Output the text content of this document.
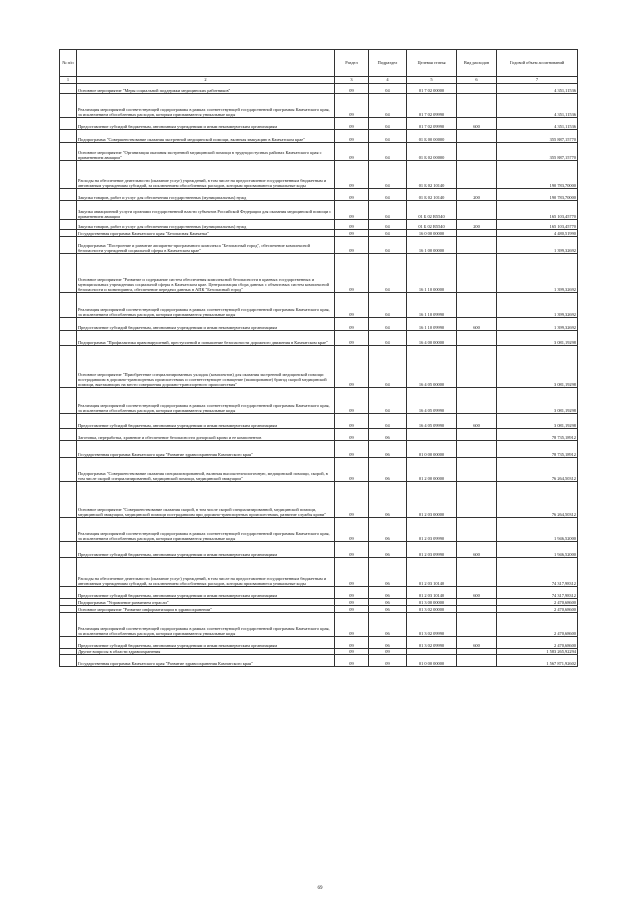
№ п/п		Раздел	Подраздел	Целевая статья	Вид расходов	Годовой объем ассигнований
1	2	3	4	5	6	7
	Основное мероприятие "Меры социальной поддержки медицинских работников"	09	04	01 7 02 00000		4 351,11536
	Реализация мероприятий соответствующей подпрограммы в рамках соответствующей государственной программы Камчатского края, за исключением обособленных расходов, которым присваиваются уникальные коды	09	04	01 7 02 09990		4 351,11536
	Предоставление субсидий бюджетным, автономным учреждениям и иным некоммерческим организациям	09	04	01 7 02 09990	600	4 351,11536
	Подпрограмма "Совершенствование оказания экстренной медицинской помощи, включая эвакуацию в Камчатском крае"	09	04	01 Б 00 00000		355 887,15770
	Основное мероприятие "Организация оказания экстренной медицинской помощи в труднодоступных районах Камчатского края с применением авиации"	09	04	01 Б 02 00000		355 887,15770
	Расходы на обеспечение деятельности (оказание услуг) учреждений, в том числе на предоставление государственным бюджетным и автономным учреждениям субсидий, за исключением обособленных расходов, которым присваиваются уникальные коды	09	04	01 Б 02 10140		190 783,70000
	Закупка товаров, работ и услуг для обеспечения государственных (муниципальных) нужд	09	04	01 Б 02 10140	200	190 783,70000
	Закупка авиационной услуги органами государственной власти субъектов Российской Федерации для оказания медицинской помощи с применением авиации	09	04	01 Б 02 R5540		165 103,45770
	Закупка товаров, работ и услуг для обеспечения государственных (муниципальных) нужд	09	04	01 Б 02 R5540	200	165 103,45770
	Государственная программа Камчатского края "Безопасная Камчатка"	09	04	16 0 00 00000		4 480,51990
	Подпрограмма "Построение и развитие аппаратно-программного комплекса "Безопасный город", обеспечение комплексной безопасности учреждений социальной сферы в Камчатском крае"	09	04	16 1 00 00000		1 399,32692
	Основное мероприятие "Развитие и содержание систем обеспечения комплексной безопасности в краевых государственных и муниципальных учреждениях социальной сферы в Камчатском крае. Централизация сбора данных с объектовых систем комплексной безопасности и мониторинга, обеспечение передачи данных в АПК "Безопасный город"	09	04	16 1 10 00000		1 399,32692
	Реализация мероприятий соответствующей подпрограммы в рамках соответствующей государственной программы Камчатского края, за исключением обособленных расходов, которым присваиваются уникальные коды	09	04	16 1 10 09990		1 399,32692
	Предоставление субсидий бюджетным, автономным учреждениям и иным некоммерческим организациям	09	04	16 1 10 09990	600	1 399,32692
	Подпрограмма "Профилактика правонарушений, преступлений и повышение безопасности дорожного движения в Камчатском крае"	09	04	16 4 00 00000		3 081,19298
	Основное мероприятие "Приобретение специализированных укладок (комплектов) для оказания экстренной медицинской помощи пострадавшим в дорожно-транспортных происшествиях и соответствующее оснащение (экипирование) бригад скорой медицинской помощи, выезжающих на место совершения дорожно-транспортного происшествия"	09	04	16 4 05 00000		3 081,19298
	Реализация мероприятий соответствующей подпрограммы в рамках соответствующей государственной программы Камчатского края, за исключением обособленных расходов, которым присваиваются уникальные коды	09	04	16 4 05 09990		3 081,19298
	Предоставление субсидий бюджетным, автономным учреждениям и иным некоммерческим организациям	09	04	16 4 05 09990	600	3 081,19298
	Заготовка, переработка, хранение и обеспечение безопасности донорской крови и ее компонентов	09	06			78 735,18912
	Государственная программа Камчатского края "Развитие здравоохранения Камчатского края"	09	06	01 0 00 00000		78 735,18912
	Подпрограмма "Совершенствование оказания специализированной, включая высокотехнологичную, медицинской помощи, скорой, в том числе скорой специализированной, медицинской помощи, медицинской эвакуации"	09	06	01 2 00 00000		76 264,50312
	Основное мероприятие "Совершенствование оказания скорой, в том числе скорой специализированной, медицинской помощи, медицинской эвакуации, медицинской помощи пострадавшим при дорожно-транспортных происшествиях, развитие службы крови"	09	06	01 2 03 00000		76 264,50312
	Реализация мероприятий соответствующей подпрограммы в рамках соответствующей государственной программы Камчатского края, за исключением обособленных расходов, которым присваиваются уникальные коды	09	06	01 2 03 09990		1 946,52000
	Предоставление субсидий бюджетным, автономным учреждениям и иным некоммерческим организациям	09	06	01 2 03 09990	600	1 946,52000
	Расходы на обеспечение деятельности (оказание услуг) учреждений, в том числе на предоставление государственным бюджетным и автономным учреждениям субсидий, за исключением обособленных расходов, которым присваиваются уникальные коды	09	06	01 2 03 10140		74 317,98312
	Предоставление субсидий бюджетным, автономным учреждениям и иным некоммерческим организациям	09	06	01 2 03 10140	600	74 317,98312
	Подпрограмма "Управление развитием отрасли"	09	06	01 3 00 00000		2 470,68600
	Основное мероприятие "Развитие информатизации в здравоохранении"	09	06	01 3 02 00000		2 470,68600
	Реализация мероприятий соответствующей подпрограммы в рамках соответствующей государственной программы Камчатского края, за исключением обособленных расходов, которым присваиваются уникальные коды	09	06	01 3 02 09990		2 470,68600
	Предоставление субсидий бюджетным, автономным учреждениям и иным некоммерческим организациям	09	06	01 3 02 09990	600	2 470,68600
	Другие вопросы в области здравоохранения	09	09			1 583 265,92294
	Государственная программа Камчатского края "Развитие здравоохранения Камчатского края"	09	09	01 0 00 00000		1 567 871,92602
69
